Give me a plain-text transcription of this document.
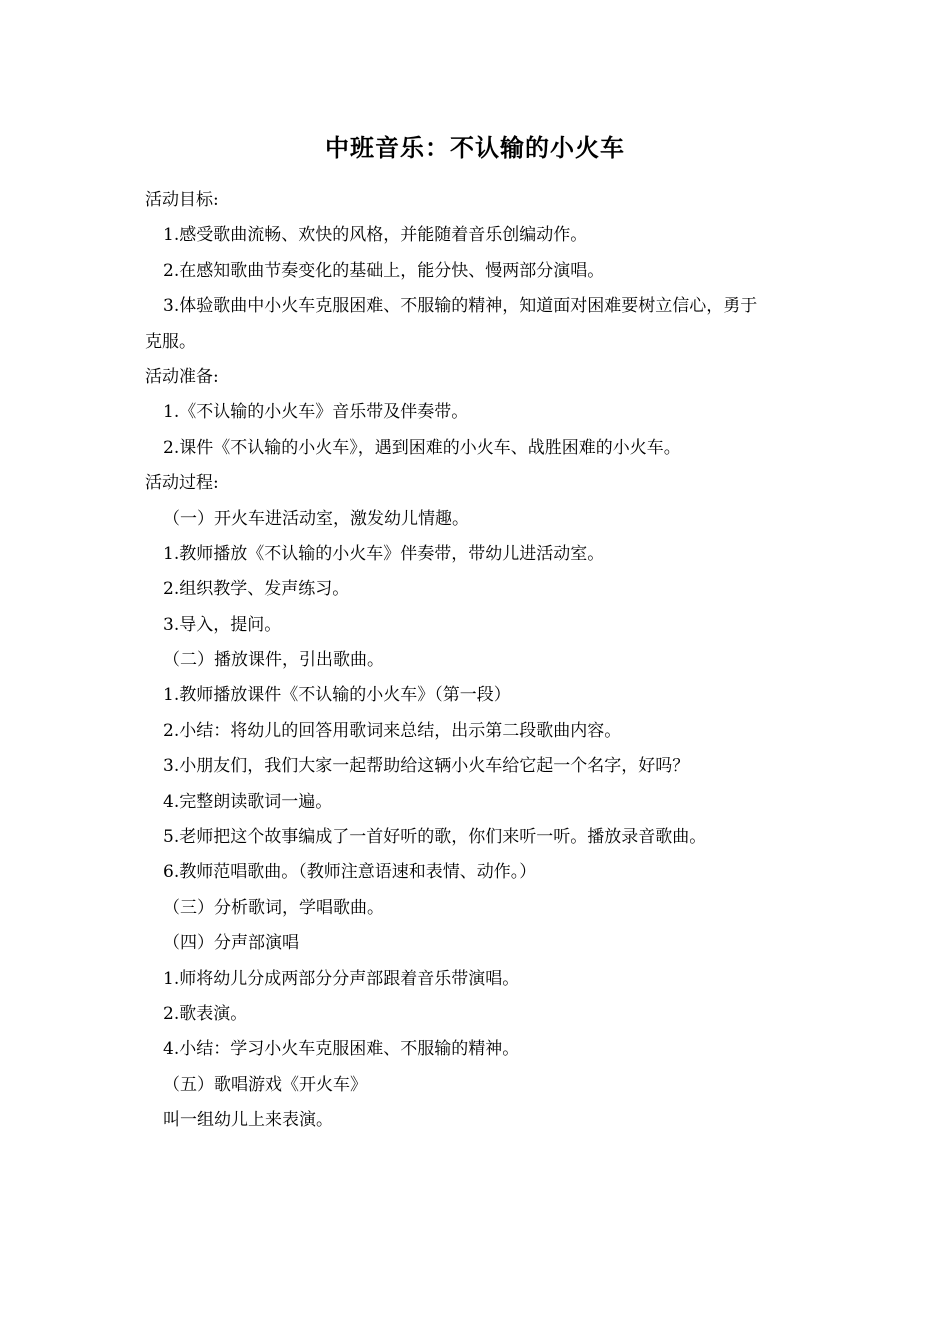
中班音乐：不认输的小火车
活动目标:
1.感受歌曲流畅、欢快的风格，并能随着音乐创编动作。
2.在感知歌曲节奏变化的基础上，能分快、慢两部分演唱。
3.体验歌曲中小火车克服困难、不服输的精神，知道面对困难要树立信心，勇于
克服。
活动准备:
1.《不认输的小火车》音乐带及伴奏带。
2.课件《不认输的小火车》，遇到困难的小火车、战胜困难的小火车。
活动过程:
（一）开火车进活动室，激发幼儿情趣。
1.教师播放《不认输的小火车》伴奏带，带幼儿进活动室。
2.组织教学、发声练习。
3.导入，提问。
（二）播放课件，引出歌曲。
1.教师播放课件《不认输的小火车》（第一段）
2.小结：将幼儿的回答用歌词来总结，出示第二段歌曲内容。
3.小朋友们，我们大家一起帮助给这辆小火车给它起一个名字，好吗？
4.完整朗读歌词一遍。
5.老师把这个故事编成了一首好听的歌，你们来听一听。播放录音歌曲。
6.教师范唱歌曲。（教师注意语速和表情、动作。）
（三）分析歌词，学唱歌曲。
（四）分声部演唱
1.师将幼儿分成两部分分声部跟着音乐带演唱。
2.歌表演。
4.小结：学习小火车克服困难、不服输的精神。
（五）歌唱游戏《开火车》
叫一组幼儿上来表演。
